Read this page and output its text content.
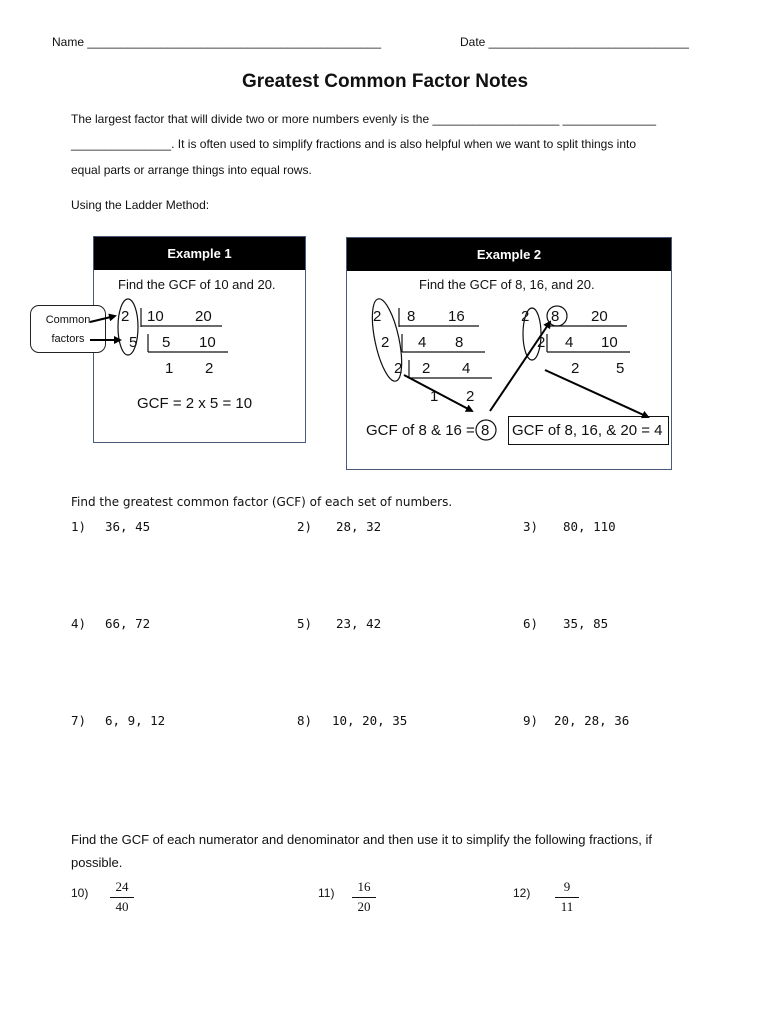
Name ____________________________________________	Date ______________________________
Greatest Common Factor Notes
The largest factor that will divide two or more numbers evenly is the ___________________ ______________
_______________. It is often used to simplify fractions and is also helpful when we want to split things into
equal parts or arrange things into equal rows.
Using the Ladder Method:
Example 1
Find the GCF of 10 and 20.
2 10 20
5 5 10
1 2
GCF = 2 x 5 = 10
Common
factors
Example 2
Find the GCF of 8, 16, and 20.
2 8 16
2 4 8
2 2 4
1 2
2 8 20
2 4 10
2 5
GCF of 8 & 16 = 8 GCF of 8, 16, & 20 = 4
Find the greatest common factor (GCF) of each set of numbers.
1) 36, 45	2) 28, 32	3) 80, 110
4) 66, 72	5) 23, 42	6) 35, 85
7) 6, 9, 12	8) 10, 20, 35	9) 20, 28, 36
Find the GCF of each numerator and denominator and then use it to simplify the following fractions, if
possible.
10)	24
40
11)	16
20
12)	9
11
